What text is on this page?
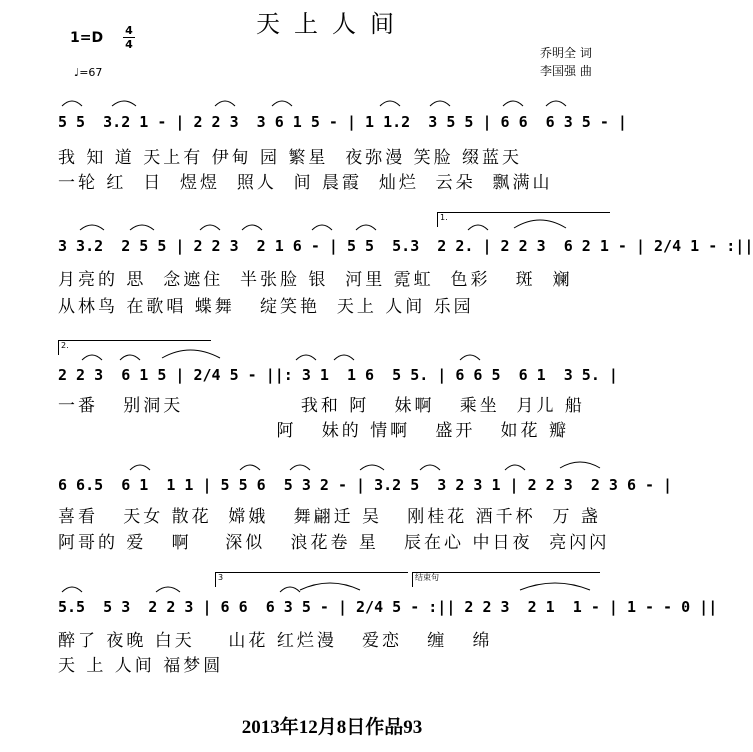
天上人间
1=D 4
4
♩=67
乔明全 词
李国强 曲
5 5  3.2 1 - | 2 2 3  3 6 1 5 - | 1 1.2  3 5 5 | 6 6  6 3 5 - |
我 知 道 天上有 伊甸 园 繁星  夜弥漫 笑脸 缀蓝天
一轮 红  日  煜煜  照人  间 晨霞  灿烂  云朵  飘满山
1.
3 3.2  2 5 5 | 2 2 3  2 1 6 - | 5 5  5.3  2 2. | 2 2 3  6 2 1 - | 2/4 1 - :||
月亮的 思  念遮住  半张脸 银  河里 霓虹  色彩   斑  斓
从林鸟 在歌唱 蝶舞   绽笑艳  天上 人间 乐园
2.
2 2 3  6 1 5 | 2/4 5 - ||: 3 1  1 6  5 5. | 6 6 5  6 1  3 5. |
一番   别洞天              我和 阿   妹啊   乘坐  月儿 船
阿   妹的 情啊   盛开   如花 瓣
6 6.5  6 1  1 1 | 5 5 6  5 3 2 - | 3.2 5  3 2 3 1 | 2 2 3  2 3 6 - |
喜看   天女 散花  嫦娥   舞翩迁 吴   刚桂花 酒千杯  万 盏
阿哥的 爱   啊    深似   浪花卷 星   辰在心 中日夜  亮闪闪
3	结束句
5.5  5 3  2 2 3 | 6 6  6 3 5 - | 2/4 5 - :|| 2 2 3  2 1  1 - | 1 - - 0 ||
醉了 夜晚 白天    山花 红烂漫   爱恋   缠   绵
天 上 人间 福梦圆
2013年12月8日作品93
